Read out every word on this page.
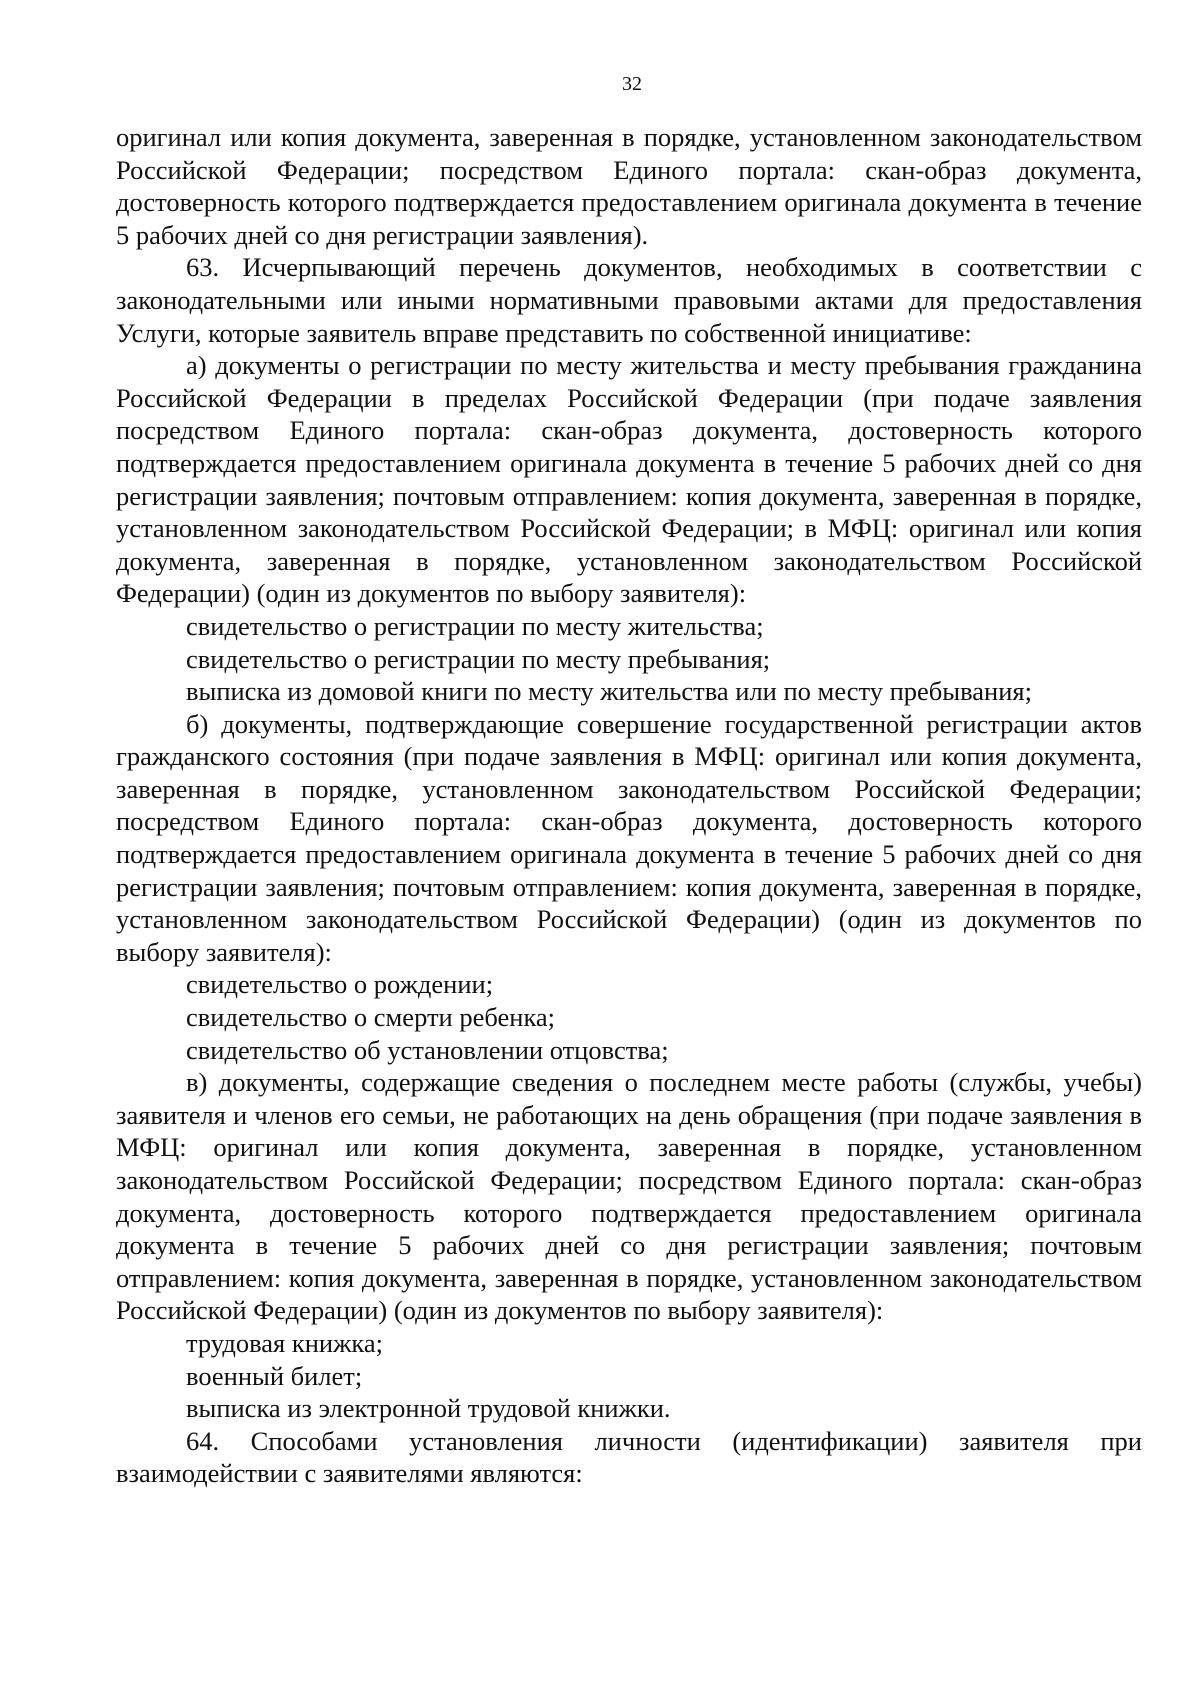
32

оригинал или копия документа, заверенная в порядке, установленном законодательством Российской Федерации; посредством Единого портала: скан-образ документа, достоверность которого подтверждается предоставлением оригинала документа в течение 5 рабочих дней со дня регистрации заявления).

63. Исчерпывающий перечень документов, необходимых в соответствии с законодательными или иными нормативными правовыми актами для предоставления Услуги, которые заявитель вправе представить по собственной инициативе:

а) документы о регистрации по месту жительства и месту пребывания гражданина Российской Федерации в пределах Российской Федерации (при подаче заявления посредством Единого портала: скан-образ документа, достоверность которого подтверждается предоставлением оригинала документа в течение 5 рабочих дней со дня регистрации заявления; почтовым отправлением: копия документа, заверенная в порядке, установленном законодательством Российской Федерации; в МФЦ: оригинал или копия документа, заверенная в порядке, установленном законодательством Российской Федерации) (один из документов по выбору заявителя):

свидетельство о регистрации по месту жительства;

свидетельство о регистрации по месту пребывания;

выписка из домовой книги по месту жительства или по месту пребывания;

б) документы, подтверждающие совершение государственной регистрации актов гражданского состояния (при подаче заявления в МФЦ: оригинал или копия документа, заверенная в порядке, установленном законодательством Российской Федерации; посредством Единого портала: скан-образ документа, достоверность которого подтверждается предоставлением оригинала документа в течение 5 рабочих дней со дня регистрации заявления; почтовым отправлением: копия документа, заверенная в порядке, установленном законодательством Российской Федерации) (один из документов по выбору заявителя):

свидетельство о рождении;

свидетельство о смерти ребенка;

свидетельство об установлении отцовства;

в) документы, содержащие сведения о последнем месте работы (службы, учебы) заявителя и членов его семьи, не работающих на день обращения (при подаче заявления в МФЦ: оригинал или копия документа, заверенная в порядке, установленном законодательством Российской Федерации; посредством Единого портала: скан-образ документа, достоверность которого подтверждается предоставлением оригинала документа в течение 5 рабочих дней со дня регистрации заявления; почтовым отправлением: копия документа, заверенная в порядке, установленном законодательством Российской Федерации) (один из документов по выбору заявителя):

трудовая книжка;

военный билет;

выписка из электронной трудовой книжки.

64. Способами установления личности (идентификации) заявителя при взаимодействии с заявителями являются:
